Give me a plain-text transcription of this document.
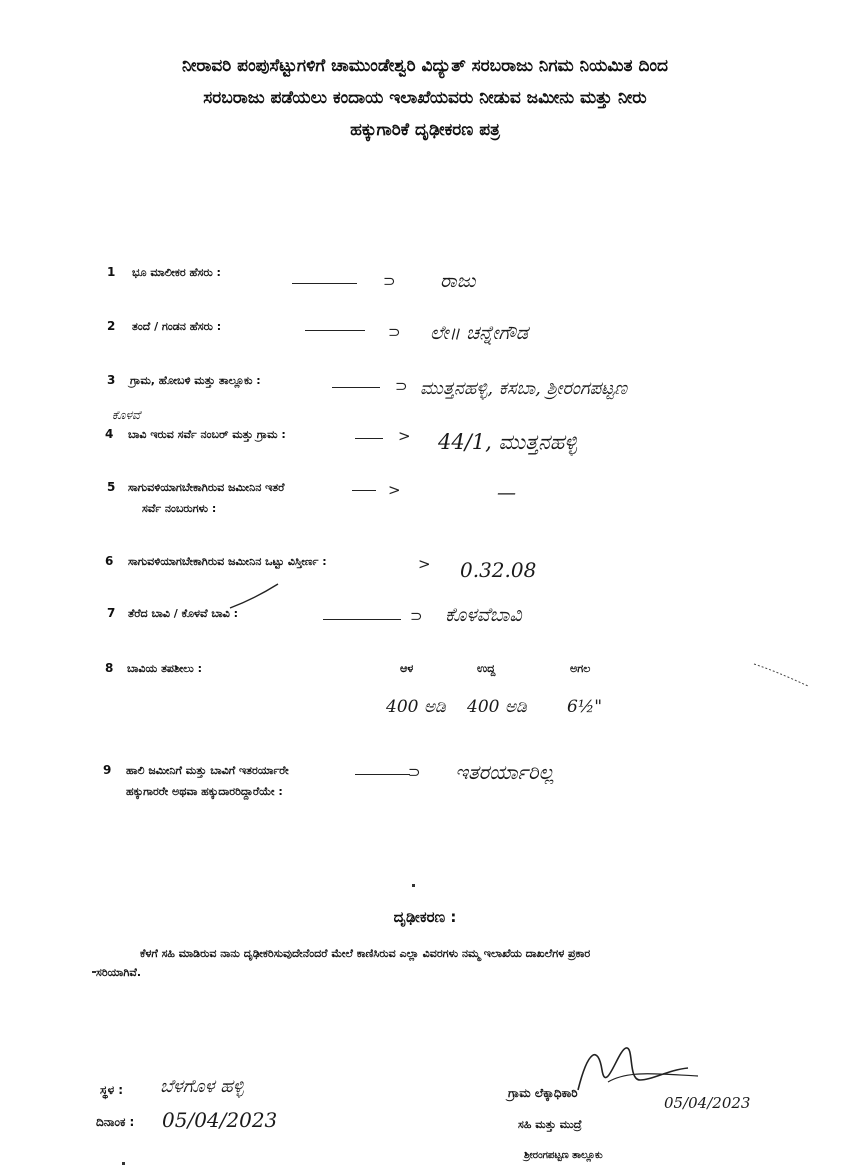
ನೀರಾವರಿ ಪಂಪುಸೆಟ್ಟುಗಳಿಗೆ ಚಾಮುಂಡೇಶ್ವರಿ ವಿದ್ಯುತ್ ಸರಬರಾಜು ನಿಗಮ ನಿಯಮಿತ ದಿಂದ
ಸರಬರಾಜು ಪಡೆಯಲು ಕಂದಾಯ ಇಲಾಖೆಯವರು ನೀಡುವ ಜಮೀನು ಮತ್ತು ನೀರು
ಹಕ್ಕುಗಾರಿಕೆ ದೃಢೀಕರಣ ಪತ್ರ
1 ಭೂ ಮಾಲೀಕರ ಹೆಸರು :	⊃ ರಾಜು
2 ತಂದೆ / ಗಂಡನ ಹೆಸರು :	⊃ ಲೇ॥ ಚನ್ನೇಗೌಡ
3 ಗ್ರಾಮ, ಹೋಬಳಿ ಮತ್ತು ತಾಲ್ಲೂಕು :	⊃ ಮುತ್ತನಹಳ್ಳಿ, ಕಸಬಾ, ಶ್ರೀರಂಗಪಟ್ಟಣ
ಕೊಳವೆ
4 ಬಾವಿ ಇರುವ ಸರ್ವೆ ನಂಬರ್ ಮತ್ತು ಗ್ರಾಮ :	> 44/1, ಮುತ್ತನಹಳ್ಳಿ
5 ಸಾಗುವಳಿಯಾಗಬೇಕಾಗಿರುವ ಜಮೀನಿನ ಇತರೆ
ಸರ್ವೆ ನಂಬರುಗಳು :
>	—
6 ಸಾಗುವಳಿಯಾಗಬೇಕಾಗಿರುವ ಜಮೀನಿನ ಒಟ್ಟು ವಿಸ್ತೀರ್ಣ :	> 0.32.08
7 ತೆರೆದ ಬಾವಿ / ಕೊಳವೆ ಬಾವಿ :	⊃ ಕೊಳವೆಬಾವಿ
8 ಬಾವಿಯ ತಪಶೀಲು :	ಆಳ	ಉದ್ದ	ಅಗಲ
400 ಅಡಿ 400 ಅಡಿ 6½"
9 ಹಾಲಿ ಜಮೀನಿಗೆ ಮತ್ತು ಬಾವಿಗೆ ಇತರರ್ಯಾರೇ
ಹಕ್ಕುಗಾರರೇ ಅಥವಾ ಹಕ್ಕುದಾರರಿದ್ದಾರೆಯೇ :
⊃ ಇತರರ್ಯಾರಿಲ್ಲ
ದೃಢೀಕರಣ :
ಕೆಳಗೆ ಸಹಿ ಮಾಡಿರುವ ನಾನು ದೃಢೀಕರಿಸುವುದೇನೆಂದರೆ ಮೇಲೆ ಕಾಣಿಸಿರುವ ಎಲ್ಲಾ ವಿವರಗಳು ನಮ್ಮ ಇಲಾಖೆಯ ದಾಖಲೆಗಳ ಪ್ರಕಾರ
ಸರಿಯಾಗಿವೆ.
ಸ್ಥಳ : ಬೆಳಗೊಳ ಹಳ್ಳಿ
ದಿನಾಂಕ : 05/04/2023
ಗ್ರಾಮ ಲೆಕ್ಕಾಧಿಕಾರಿ
ಸಹಿ ಮತ್ತು ಮುದ್ರೆ
05/04/2023
ಶ್ರೀರಂಗಪಟ್ಟಣ ತಾಲ್ಲೂಕು
